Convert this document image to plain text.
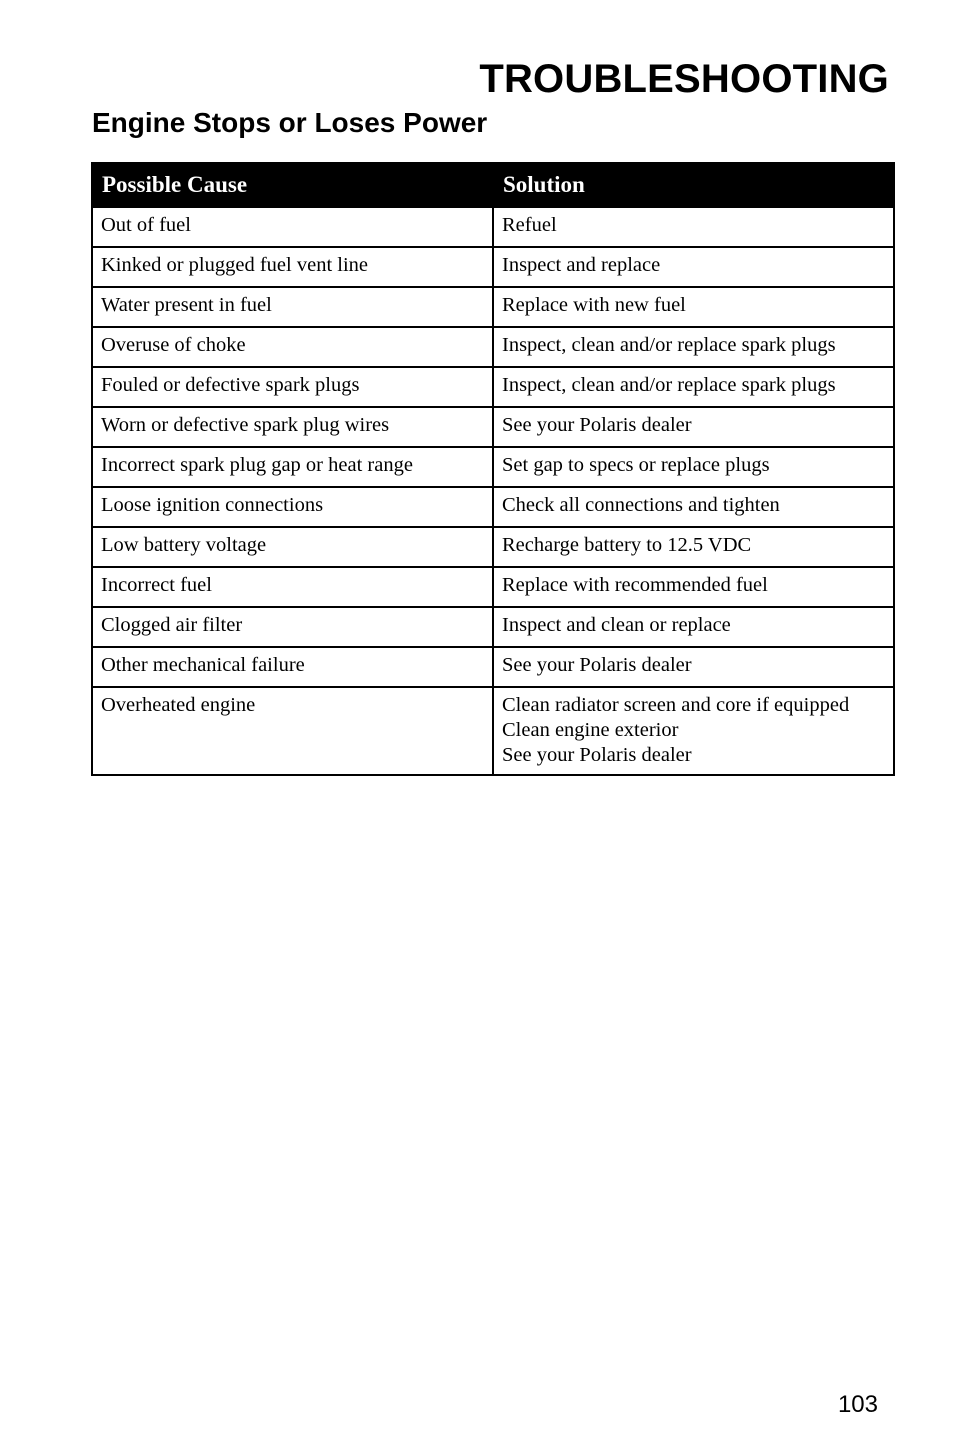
TROUBLESHOOTING
Engine Stops or Loses Power
Possible Cause	Solution
Out of fuel	Refuel

Kinked or plugged fuel vent line	Inspect and replace

Water present in fuel	Replace with new fuel

Overuse of choke	Inspect, clean and/or replace spark plugs

Fouled or defective spark plugs	Inspect, clean and/or replace spark plugs

Worn or defective spark plug wires	See your Polaris dealer

Incorrect spark plug gap or heat range	Set gap to specs or replace plugs

Loose ignition connections	Check all connections and tighten

Low battery voltage	Recharge battery to 12.5 VDC

Incorrect fuel	Replace with recommended fuel

Clogged air filter	Inspect and clean or replace

Other mechanical failure	See your Polaris dealer

Overheated engine	Clean radiator screen and core if equipped
Clean engine exterior
See your Polaris dealer

103
